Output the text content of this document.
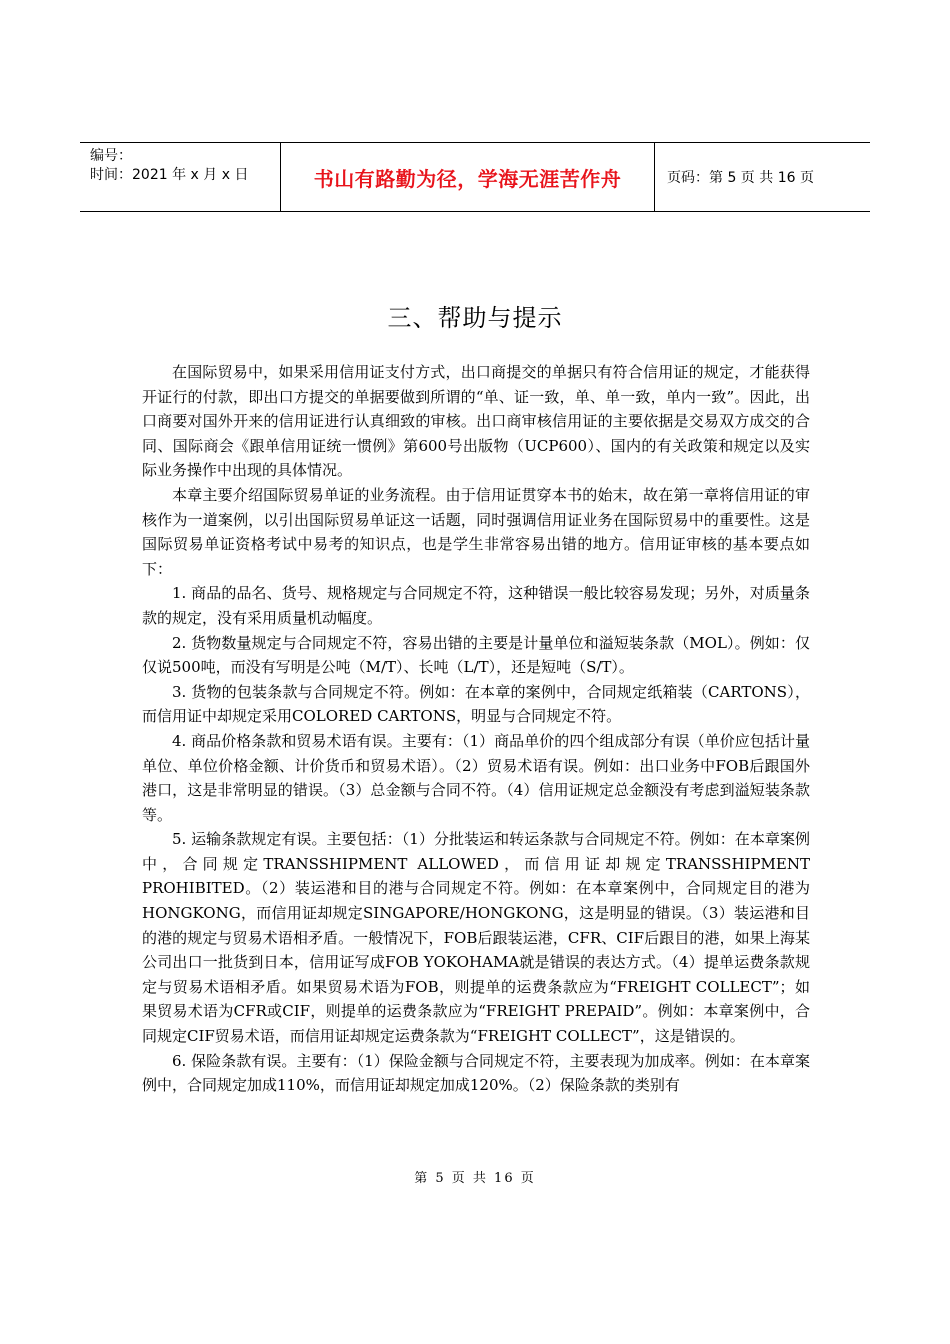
编号：
时间：2021 年 x 月 x 日	书山有路勤为径，学海无涯苦作舟	页码：第 5 页 共 16 页
三、帮助与提示

在国际贸易中，如果采用信用证支付方式，出口商提交的单据只有符合信用证的规定，才能获得开证行的付款，即出口方提交的单据要做到所谓的“单、证一致，单、单一致，单内一致”。因此，出口商要对国外开来的信用证进行认真细致的审核。出口商审核信用证的主要依据是交易双方成交的合同、国际商会《跟单信用证统一惯例》第600号出版物（UCP600）、国内的有关政策和规定以及实际业务操作中出现的具体情况。

本章主要介绍国际贸易单证的业务流程。由于信用证贯穿本书的始末，故在第一章将信用证的审核作为一道案例，以引出国际贸易单证这一话题，同时强调信用证业务在国际贸易中的重要性。这是国际贸易单证资格考试中易考的知识点，也是学生非常容易出错的地方。信用证审核的基本要点如下：

1. 商品的品名、货号、规格规定与合同规定不符，这种错误一般比较容易发现；另外，对质量条款的规定，没有采用质量机动幅度。

2. 货物数量规定与合同规定不符，容易出错的主要是计量单位和溢短装条款（MOL）。例如：仅仅说500吨，而没有写明是公吨（M/T）、长吨（L/T），还是短吨（S/T）。

3. 货物的包装条款与合同规定不符。例如：在本章的案例中，合同规定纸箱装（CARTONS），而信用证中却规定采用COLORED CARTONS，明显与合同规定不符。

4. 商品价格条款和贸易术语有误。主要有：（1）商品单价的四个组成部分有误（单价应包括计量单位、单位价格金额、计价货币和贸易术语）。（2）贸易术语有误。例如：出口业务中FOB后跟国外港口，这是非常明显的错误。（3）总金额与合同不符。（4）信用证规定总金额没有考虑到溢短装条款等。

5. 运输条款规定有误。主要包括：（1）分批装运和转运条款与合同规定不符。例如：在本章案例中，合同规定TRANSSHIPMENT ALLOWED，而信用证却规定TRANSSHIPMENT PROHIBITED。（2）装运港和目的港与合同规定不符。例如：在本章案例中，合同规定目的港为HONGKONG，而信用证却规定SINGAPORE/HONGKONG，这是明显的错误。（3）装运港和目的港的规定与贸易术语相矛盾。一般情况下，FOB后跟装运港，CFR、CIF后跟目的港，如果上海某公司出口一批货到日本，信用证写成FOB YOKOHAMA就是错误的表达方式。（4）提单运费条款规定与贸易术语相矛盾。如果贸易术语为FOB，则提单的运费条款应为“FREIGHT COLLECT”；如果贸易术语为CFR或CIF，则提单的运费条款应为“FREIGHT PREPAID”。例如：本章案例中，合同规定CIF贸易术语，而信用证却规定运费条款为“FREIGHT COLLECT”，这是错误的。

6. 保险条款有误。主要有：（1）保险金额与合同规定不符，主要表现为加成率。例如：在本章案例中，合同规定加成110%，而信用证却规定加成120%。（2）保险条款的类别有

第 5 页 共 16 页
